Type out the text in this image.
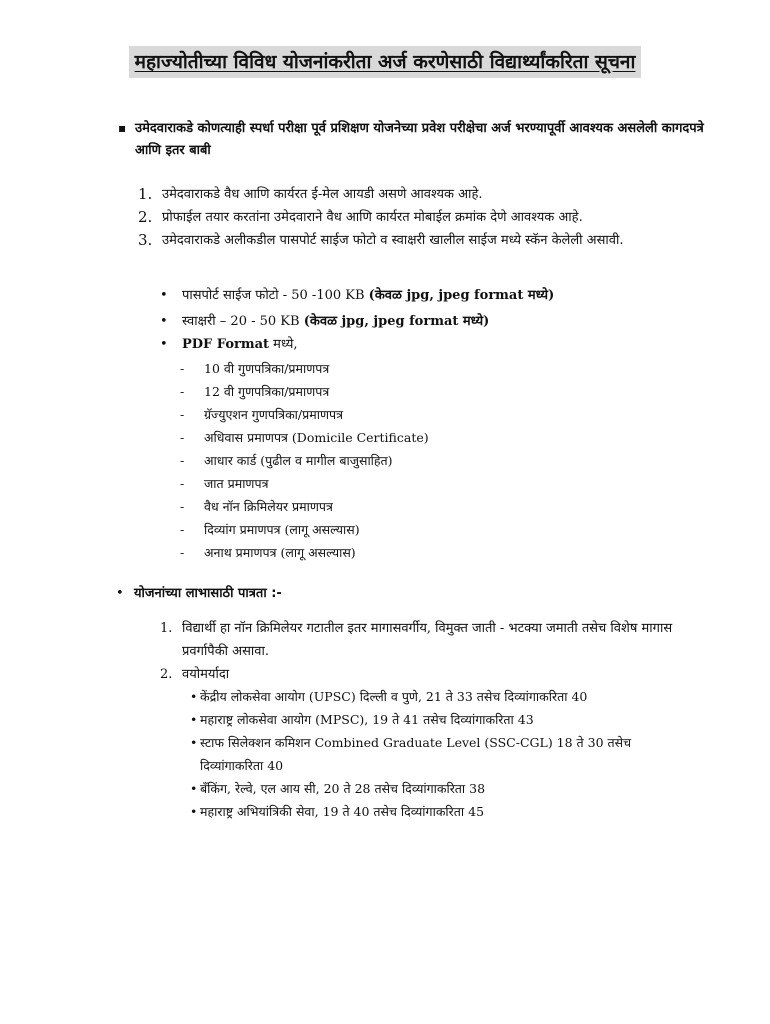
महाज्योतीच्या विविध योजनांकरीता अर्ज करणेसाठी विद्यार्थ्यांकरिता सूचना
▪ उमेदवाराकडे कोणत्याही स्पर्धा परीक्षा पूर्व प्रशिक्षण योजनेच्या प्रवेश परीक्षेचा अर्ज भरण्यापूर्वी आवश्यक असलेली कागदपत्रे आणि इतर बाबी
1. उमेदवाराकडे वैध आणि कार्यरत ई-मेल आयडी असणे आवश्यक आहे.
2. प्रोफाईल तयार करतांना उमेदवाराने वैध आणि कार्यरत मोबाईल क्रमांक देणे आवश्यक आहे.
3. उमेदवाराकडे अलीकडील पासपोर्ट साईज फोटो व स्वाक्षरी खालील साईज मध्ये स्कॅन केलेली असावी.
• पासपोर्ट साईज फोटो - 50 -100 KB (केवळ jpg, jpeg format मध्ये)
• स्वाक्षरी – 20 - 50 KB (केवळ jpg, jpeg format मध्ये)
• PDF Format मध्ये,
- 10 वी गुणपत्रिका/प्रमाणपत्र
- 12 वी गुणपत्रिका/प्रमाणपत्र
- ग्रॅज्युएशन गुणपत्रिका/प्रमाणपत्र
- अधिवास प्रमाणपत्र (Domicile Certificate)
- आधार कार्ड (पुढील व मागील बाजुसाहित)
- जात प्रमाणपत्र
- वैध नॉन क्रिमिलेयर प्रमाणपत्र
- दिव्यांग प्रमाणपत्र (लागू असल्यास)
- अनाथ प्रमाणपत्र (लागू असल्यास)
• योजनांच्या लाभासाठी पात्रता :-
1. विद्यार्थी हा नॉन क्रिमिलेयर गटातील इतर मागासवर्गीय, विमुक्त जाती - भटक्या जमाती तसेच विशेष मागास प्रवर्गापैकी असावा.
2. वयोमर्यादा
• केंद्रीय लोकसेवा आयोग (UPSC) दिल्ली व पुणे, 21 ते 33 तसेच दिव्यांगाकरिता 40
• महाराष्ट्र लोकसेवा आयोग (MPSC), 19 ते 41 तसेच दिव्यांगाकरिता 43
• स्टाफ सिलेक्शन कमिशन Combined Graduate Level (SSC-CGL) 18 ते 30 तसेच दिव्यांगाकरिता 40
• बँकिंग, रेल्वे, एल आय सी, 20 ते 28 तसेच दिव्यांगाकरिता 38
• महाराष्ट्र अभियांत्रिकी सेवा, 19 ते 40 तसेच दिव्यांगाकरिता 45
